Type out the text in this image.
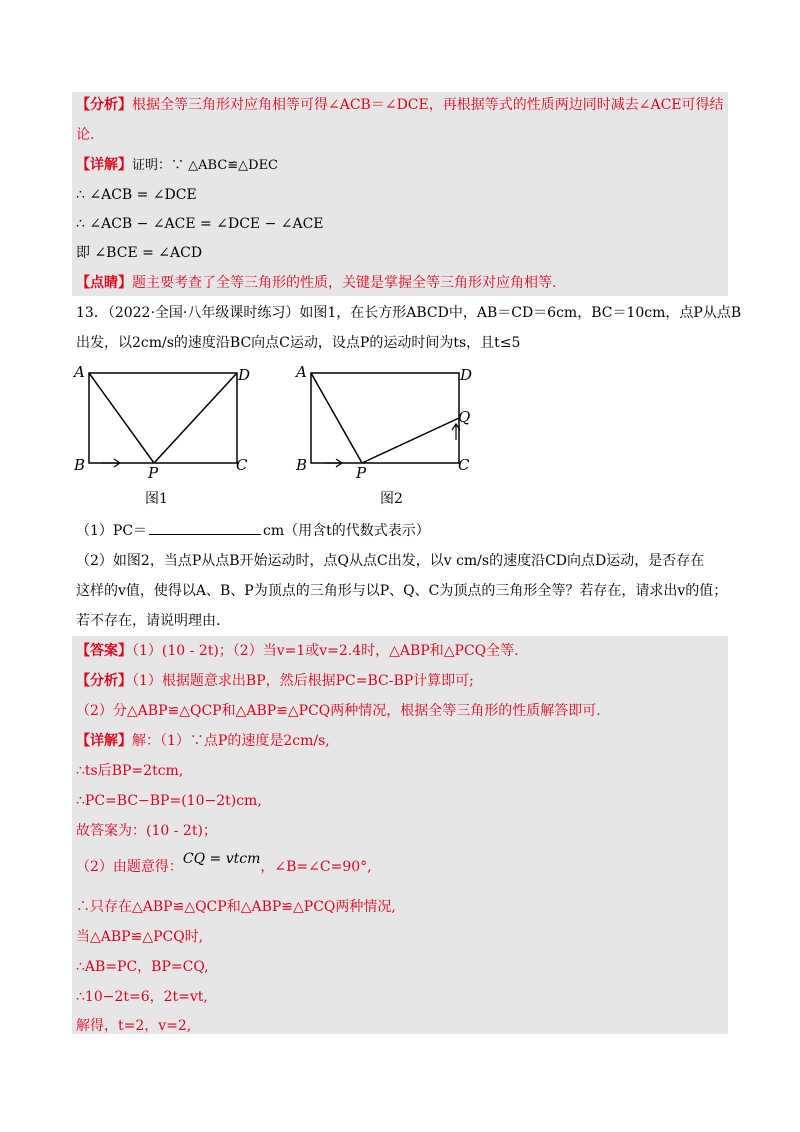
【分析】根据全等三角形对应角相等可得∠ACB＝∠DCE，再根据等式的性质两边同时减去∠ACE可得结
论.
【详解】证明：∵ △ABC≌△DEC
∴ ∠ACB = ∠DCE
∴ ∠ACB − ∠ACE = ∠DCE − ∠ACE
即 ∠BCE = ∠ACD
【点睛】题主要考查了全等三角形的性质，关键是掌握全等三角形对应角相等.
13．（2022·全国·八年级课时练习）如图1，在长方形ABCD中，AB＝CD＝6cm，BC＝10cm，点P从点B
出发，以2cm/s的速度沿BC向点C运动，设点P的运动时间为ts，且t≤5
A	D
B	C
P
图1
A	D
Q
B	C
P
图2
（1）PC＝	cm（用含t的代数式表示）
（2）如图2，当点P从点B开始运动时，点Q从点C出发，以v cm/s的速度沿CD向点D运动，是否存在
这样的v值，使得以A、B、P为顶点的三角形与以P、Q、C为顶点的三角形全等？若存在，请求出v的值；
若不存在，请说明理由.
【答案】（1）(10 - 2t)；（2）当v=1或v=2.4时，△ABP和△PCQ全等.
【分析】（1）根据题意求出BP，然后根据PC=BC-BP计算即可;
（2）分△ABP≌△QCP和△ABP≌△PCQ两种情况，根据全等三角形的性质解答即可.
【详解】解：（1）∵点P的速度是2cm/s,
∴ts后BP=2tcm,
∴PC=BC−BP=(10−2t)cm,
故答案为：(10 - 2t)；
（2）由题意得：CQ = vtcm，∠B=∠C=90°,
∴只存在△ABP≌△QCP和△ABP≌△PCQ两种情况,
当△ABP≌△PCQ时,
∴AB=PC，BP=CQ,
∴10−2t=6，2t=vt,
解得，t=2，v=2,
